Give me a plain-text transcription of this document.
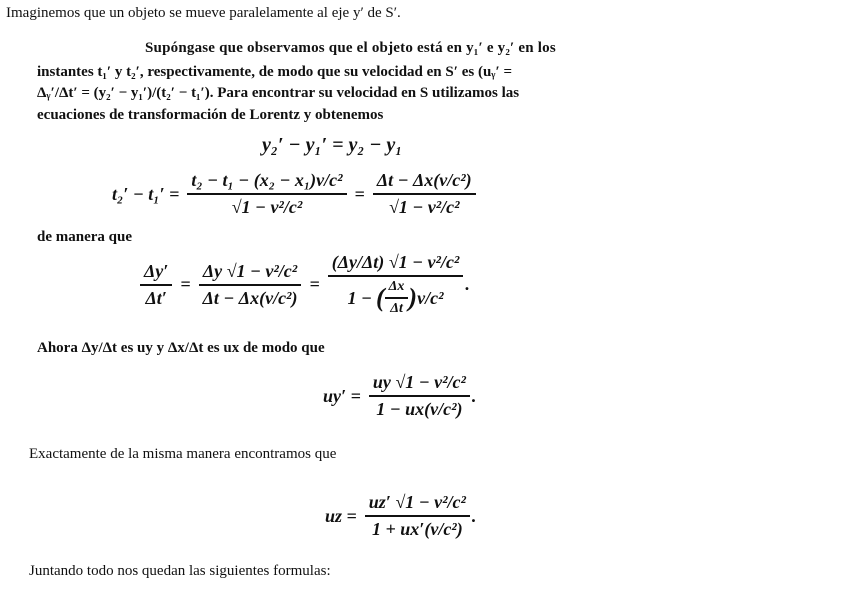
Imaginemos que un objeto se mueve paralelamente al eje y′ de S′.
Supóngase que observamos que el objeto está en y₁′ e y₂′ en los
instantes t₁′ y t₂′, respectivamente, de modo que su velocidad en S′ es (uᵧ′ =
Δᵧ′/Δt′ = (y₂′ − y₁′)/(t₂′ − t₁′). Para encontrar su velocidad en S utilizamos las
ecuaciones de transformación de Lorentz y obtenemos
y₂′ − y₁′ = y₂ − y₁
$t_2' - t_1' = \frac{\text{t₂ − t₁ − (x₂ − x₁)v/c²}}{\text{√1 − v²/c²}} = \frac{\text{Δt − Δx(v/c²)}}{\text{√1 − v²/c²}}$
de manera que
$\frac{\Delta y'}{\Delta t'} = \frac{\text{Δy √1 − v²/c²}}{\text{Δt − Δx(v/c²)}}$ =
(Δy/Δt) √1 − v²/c²
1 − ( $\frac{\Delta x}{\Delta t}$ ) v/c²
.
Ahora Δy/Δt es uy y Δx/Δt es ux de modo que
$uy' = \frac{\text{uy √1 − v²/c²}}{\text{1 − ux(v/c²)}}$ .
Exactamente de la misma manera encontramos que
uz = $\frac{\text{uz′ √1 − v²/c²}}{\text{1 + ux′(v/c²)}}$ .
Juntando todo nos quedan las siguientes formulas:
